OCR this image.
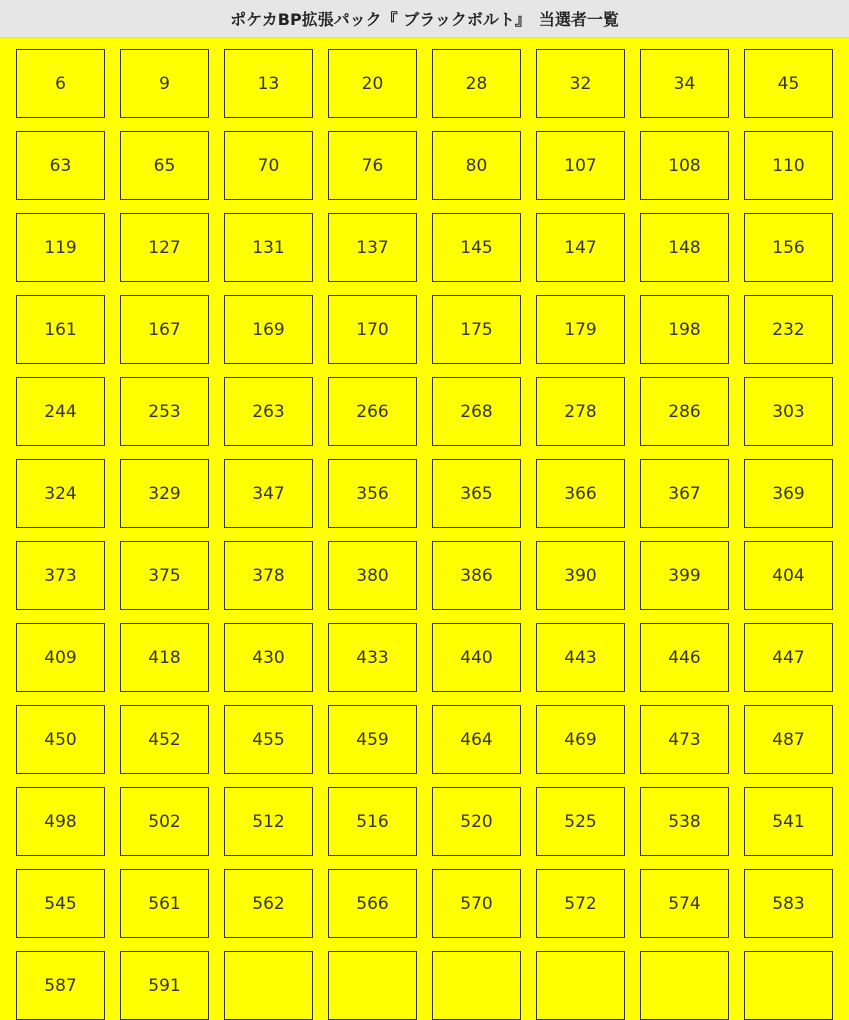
ポケカBP拡張パック『 ブラックボルト』　当選者一覧
6	9	13	20	28	32	34	45
63	65	70	76	80	107	108	110
119	127	131	137	145	147	148	156
161	167	169	170	175	179	198	232
244	253	263	266	268	278	286	303
324	329	347	356	365	366	367	369
373	375	378	380	386	390	399	404
409	418	430	433	440	443	446	447
450	452	455	459	464	469	473	487
498	502	512	516	520	525	538	541
545	561	562	566	570	572	574	583
587	591
